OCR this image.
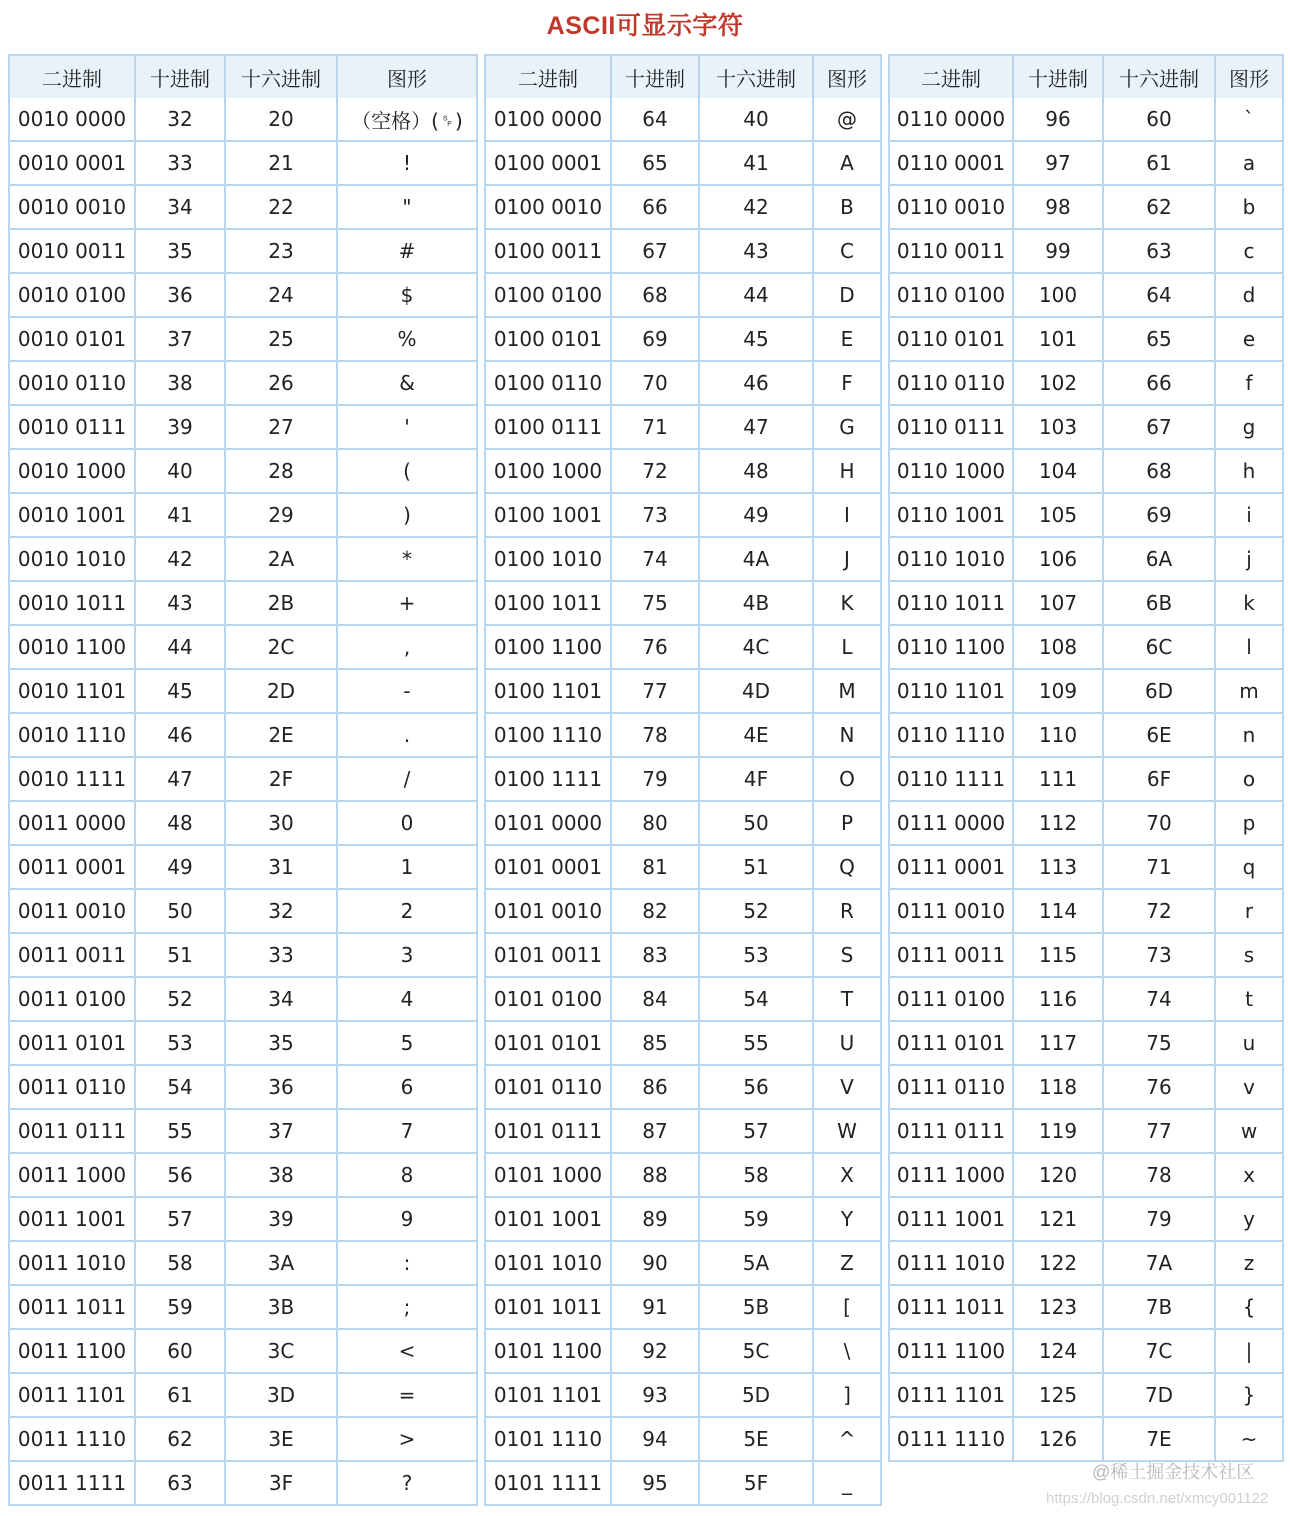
ASCII可显示字符
二进制	十进制	十六进制	图形
0010 0000	32	20	（空格）(␠)
0010 0001	33	21	!
0010 0010	34	22	"
0010 0011	35	23	#
0010 0100	36	24	$
0010 0101	37	25	%
0010 0110	38	26	&
0010 0111	39	27	'
0010 1000	40	28	(
0010 1001	41	29	)
0010 1010	42	2A	*
0010 1011	43	2B	+
0010 1100	44	2C	,
0010 1101	45	2D	-
0010 1110	46	2E	.
0010 1111	47	2F	/
0011 0000	48	30	0
0011 0001	49	31	1
0011 0010	50	32	2
0011 0011	51	33	3
0011 0100	52	34	4
0011 0101	53	35	5
0011 0110	54	36	6
0011 0111	55	37	7
0011 1000	56	38	8
0011 1001	57	39	9
0011 1010	58	3A	:
0011 1011	59	3B	;
0011 1100	60	3C	<
0011 1101	61	3D	=
0011 1110	62	3E	>
0011 1111	63	3F	?
二进制	十进制	十六进制	图形
0100 0000	64	40	@
0100 0001	65	41	A
0100 0010	66	42	B
0100 0011	67	43	C
0100 0100	68	44	D
0100 0101	69	45	E
0100 0110	70	46	F
0100 0111	71	47	G
0100 1000	72	48	H
0100 1001	73	49	I
0100 1010	74	4A	J
0100 1011	75	4B	K
0100 1100	76	4C	L
0100 1101	77	4D	M
0100 1110	78	4E	N
0100 1111	79	4F	O
0101 0000	80	50	P
0101 0001	81	51	Q
0101 0010	82	52	R
0101 0011	83	53	S
0101 0100	84	54	T
0101 0101	85	55	U
0101 0110	86	56	V
0101 0111	87	57	W
0101 1000	88	58	X
0101 1001	89	59	Y
0101 1010	90	5A	Z
0101 1011	91	5B	[
0101 1100	92	5C	\
0101 1101	93	5D	]
0101 1110	94	5E	^
0101 1111	95	5F	_
二进制	十进制	十六进制	图形
0110 0000	96	60	`
0110 0001	97	61	a
0110 0010	98	62	b
0110 0011	99	63	c
0110 0100	100	64	d
0110 0101	101	65	e
0110 0110	102	66	f
0110 0111	103	67	g
0110 1000	104	68	h
0110 1001	105	69	i
0110 1010	106	6A	j
0110 1011	107	6B	k
0110 1100	108	6C	l
0110 1101	109	6D	m
0110 1110	110	6E	n
0110 1111	111	6F	o
0111 0000	112	70	p
0111 0001	113	71	q
0111 0010	114	72	r
0111 0011	115	73	s
0111 0100	116	74	t
0111 0101	117	75	u
0111 0110	118	76	v
0111 0111	119	77	w
0111 1000	120	78	x
0111 1001	121	79	y
0111 1010	122	7A	z
0111 1011	123	7B	{
0111 1100	124	7C	|
0111 1101	125	7D	}
0111 1110	126	7E	~
@稀土掘金技术社区
https://blog.csdn.net/xmcy001122
